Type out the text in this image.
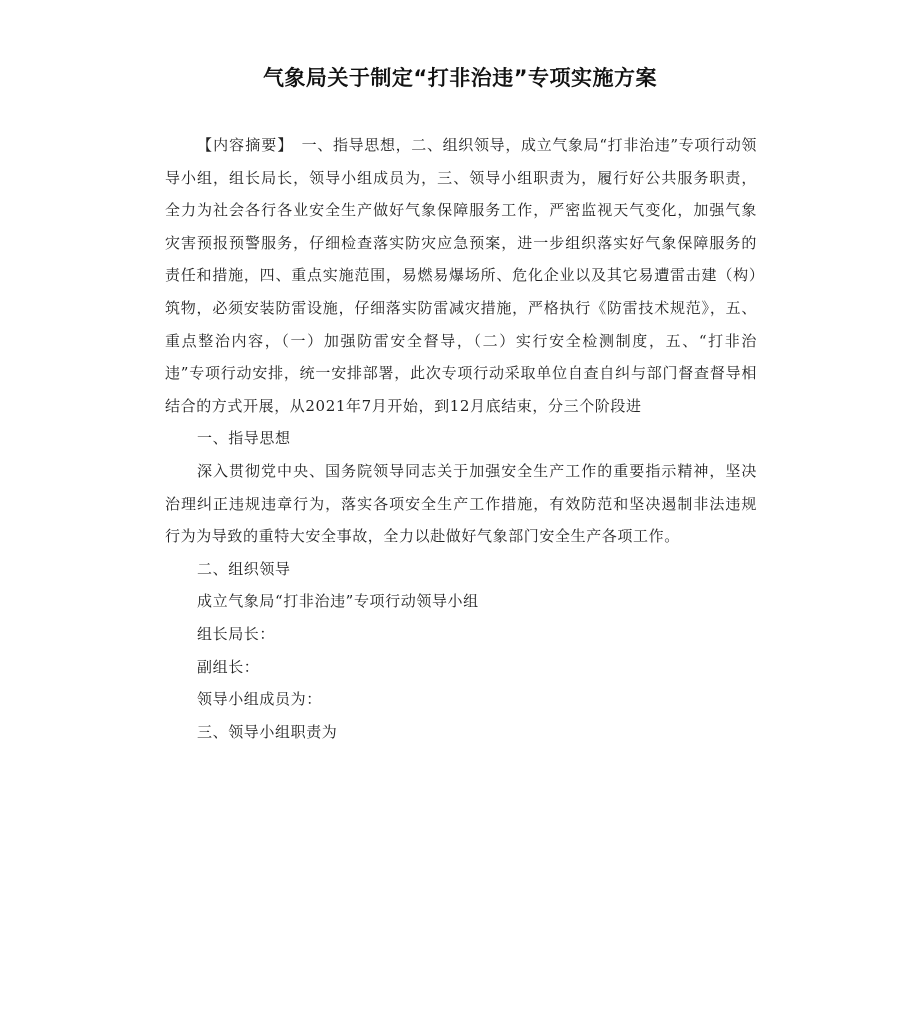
气象局关于制定“打非治违”专项实施方案

【内容摘要】　一、指导思想，二、组织领导，成立气象局“打非治违”专项行动领导小组，组长局长，领导小组成员为，三、领导小组职责为，履行好公共服务职责，全力为社会各行各业安全生产做好气象保障服务工作，严密监视天气变化，加强气象灾害预报预警服务，仔细检查落实防灾应急预案，进一步组织落实好气象保障服务的责任和措施，四、重点实施范围，易燃易爆场所、危化企业以及其它易遭雷击建（构）筑物，必须安装防雷设施，仔细落实防雷减灾措施，严格执行《防雷技术规范》，五、重点整治内容，（一）加强防雷安全督导，（二）实行安全检测制度，五、“打非治违”专项行动安排，统一安排部署，此次专项行动采取单位自查自纠与部门督查督导相结合的方式开展，从2021年7月开始，到12月底结束，分三个阶段进

一、指导思想

深入贯彻党中央、国务院领导同志关于加强安全生产工作的重要指示精神，坚决治理纠正违规违章行为，落实各项安全生产工作措施，有效防范和坚决遏制非法违规行为为导致的重特大安全事故，全力以赴做好气象部门安全生产各项工作。

二、组织领导

成立气象局“打非治违”专项行动领导小组

组长局长：

副组长：

领导小组成员为：

三、领导小组职责为
